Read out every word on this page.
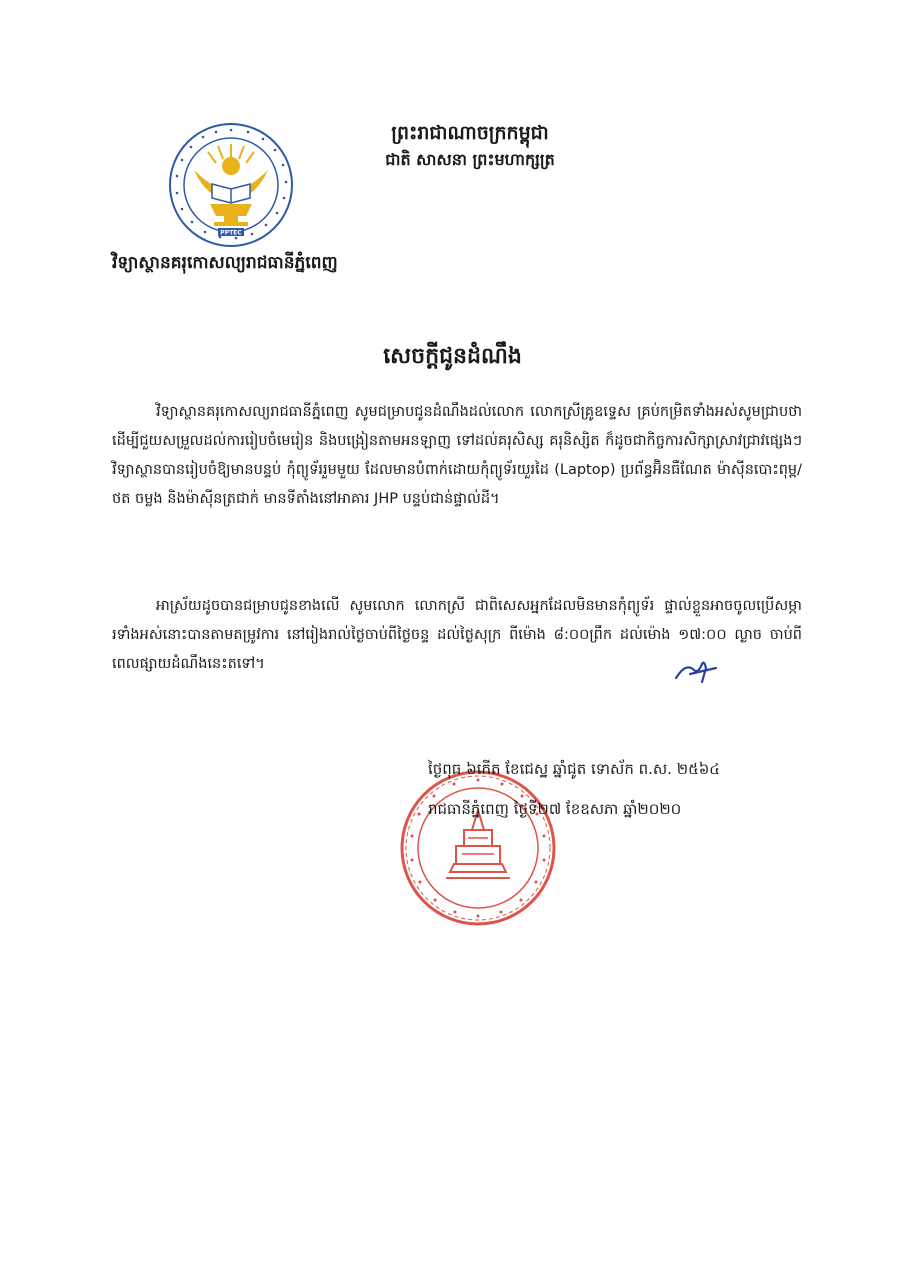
PPTEC
ព្រះរាជាណាចក្រកម្ពុជា
ជាតិ សាសនា ព្រះមហាក្សត្រ
វិទ្យាស្ថានគរុកោសល្យរាជធានីភ្នំពេញ
សេចក្តីជូនដំណឹង
វិទ្យាស្ថានគរុកោសល្យរាជធានីភ្នំពេញ សូមជម្រាបជូនដំណឹងដល់លោក លោកស្រីគ្រូឧទ្ទេស គ្រប់កម្រិតទាំងអស់សូមជ្រាបថា ដើម្បីជួយសម្រួលដល់ការរៀបចំមេរៀន និងបង្រៀនតាមអនឡាញ ទៅដល់គរុសិស្ស គរុនិស្សិត ក៏ដូចជាកិច្ចការសិក្សាស្រាវជ្រាវផ្សេងៗ វិទ្យាស្ថានបានរៀបចំឱ្យមានបន្ទប់ កុំព្យូទ័ររួមមួយ ដែលមានបំពាក់ដោយកុំព្យូទ័រយួរដៃ (Laptop) ប្រព័ន្ធអ៊ិនធឺណែត ម៉ាស៊ីនបោះពុម្ព/ថត ចម្លង និងម៉ាស៊ីនត្រជាក់ មានទីតាំងនៅអាគារ JHP បន្ទប់ជាន់ផ្ទាល់ដី។
អាស្រ័យដូចបានជម្រាបជូនខាងលើ សូមលោក លោកស្រី ជាពិសេសអ្នកដែលមិនមានកុំព្យូទ័រ ផ្ទាល់ខ្លួនអាចចូលប្រើសម្ភារទាំងអស់នោះបានតាមតម្រូវការ នៅរៀងរាល់ថ្ងៃចាប់ពីថ្ងៃចន្ទ ដល់ថ្ងៃសុក្រ ពីម៉ោង ៨:០០ព្រឹក ដល់ម៉ោង ១៧:០០ ល្ងាច ចាប់ពីពេលផ្សាយដំណឹងនេះតទៅ។
ថ្ងៃពុធ ៦កើត ខែជេស្ឋ ឆ្នាំជូត ទោស័ក ព.ស. ២៥៦៤
រាជធានីភ្នំពេញ ថ្ងៃទី២៧ ខែឧសភា ឆ្នាំ២០២០
